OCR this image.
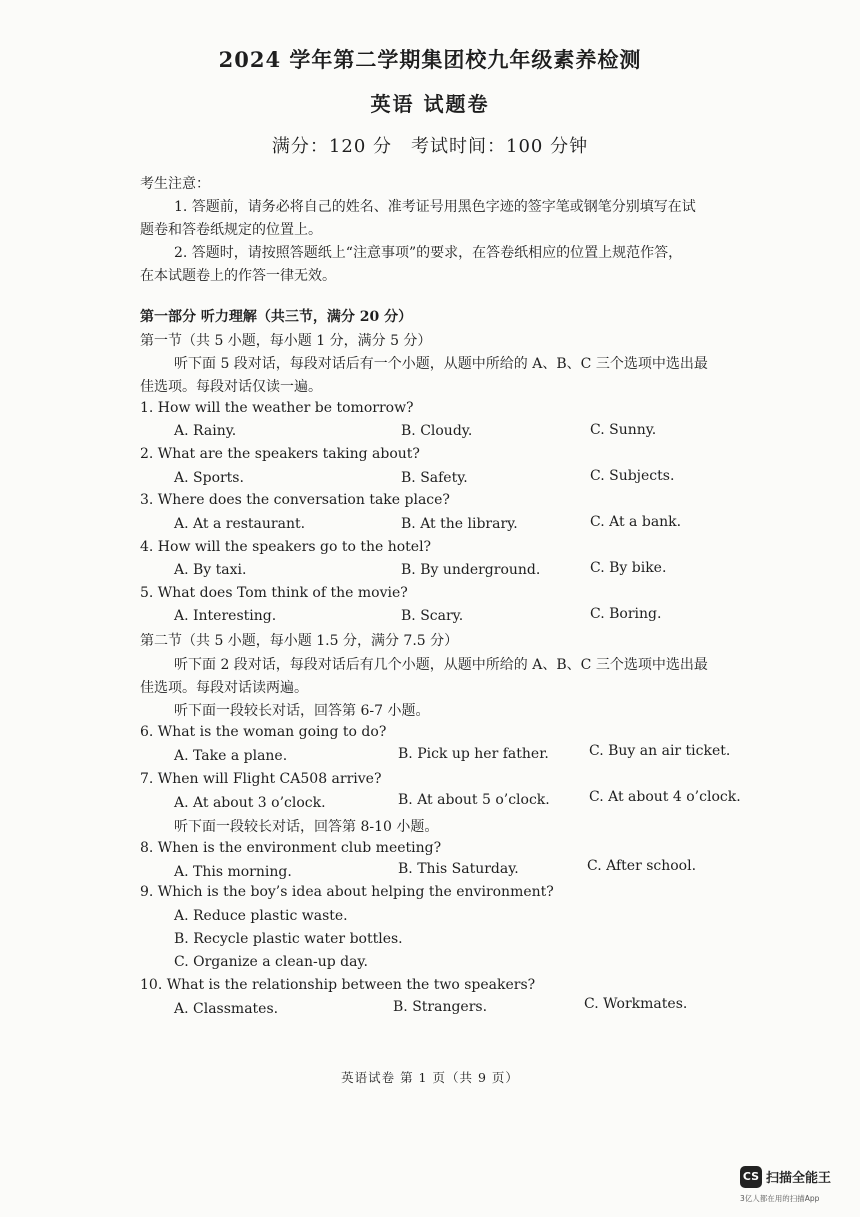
2024 学年第二学期集团校九年级素养检测
英语 试题卷
满分：120 分　考试时间：100 分钟
考生注意：
1. 答题前，请务必将自己的姓名、准考证号用黑色字迹的签字笔或钢笔分别填写在试
题卷和答卷纸规定的位置上。
2. 答题时，请按照答题纸上“注意事项”的要求，在答卷纸相应的位置上规范作答，
在本试题卷上的作答一律无效。
第一部分 听力理解（共三节，满分 20 分）
第一节（共 5 小题，每小题 1 分，满分 5 分）
听下面 5 段对话，每段对话后有一个小题，从题中所给的 A、B、C 三个选项中选出最
佳选项。每段对话仅读一遍。
1. How will the weather be tomorrow?
A. Rainy.	B. Cloudy.	C. Sunny.
2. What are the speakers taking about?
A. Sports.	B. Safety.	C. Subjects.
3. Where does the conversation take place?
A. At a restaurant.	B. At the library.	C. At a bank.
4. How will the speakers go to the hotel?
A. By taxi.	B. By underground.	C. By bike.
5. What does Tom think of the movie?
A. Interesting.	B. Scary.	C. Boring.
第二节（共 5 小题，每小题 1.5 分，满分 7.5 分）
听下面 2 段对话，每段对话后有几个小题，从题中所给的 A、B、C 三个选项中选出最
佳选项。每段对话读两遍。
听下面一段较长对话，回答第 6-7 小题。
6. What is the woman going to do?
A. Take a plane.	B. Pick up her father.	C. Buy an air ticket.
7. When will Flight CA508 arrive?
A. At about 3 o’clock.	B. At about 5 o’clock.	C. At about 4 o’clock.
听下面一段较长对话，回答第 8-10 小题。
8. When is the environment club meeting?
A. This morning.	B. This Saturday.	C. After school.
9. Which is the boy’s idea about helping the environment?
A. Reduce plastic waste.
B. Recycle plastic water bottles.
C. Organize a clean-up day.
10. What is the relationship between the two speakers?
A. Classmates.	B. Strangers.	C. Workmates.
英语试卷 第 1 页（共 9 页）
CS 扫描全能王
3亿人都在用的扫描App
